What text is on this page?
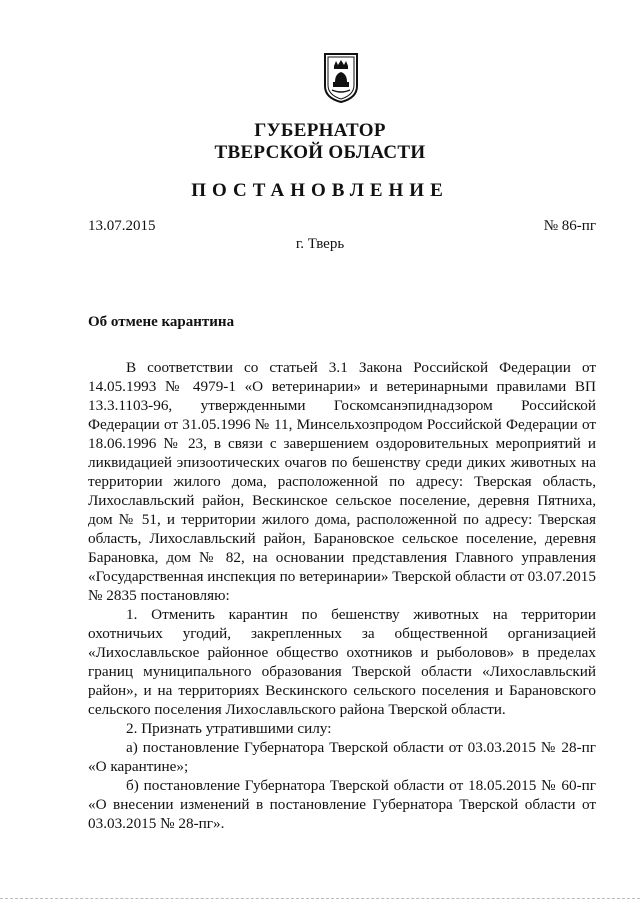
ГУБЕРНАТОР
ТВЕРСКОЙ ОБЛАСТИ
ПОСТАНОВЛЕНИЕ
13.07.2015	№ 86-пг
г. Тверь
Об отмене карантина

В соответствии со статьей 3.1 Закона Российской Федерации от 14.05.1993 № 4979-1 «О ветеринарии» и ветеринарными правилами ВП 13.3.1103-96, утвержденными Госкомсанэпиднадзором Российской Федерации от 31.05.1996 № 11, Минсельхозпродом Российской Федерации от 18.06.1996 № 23, в связи с завершением оздоровительных мероприятий и ликвидацией эпизоотических очагов по бешенству среди диких животных на территории жилого дома, расположенной по адресу: Тверская область, Лихославльский район, Вескинское сельское поселение, деревня Пятниха, дом № 51, и территории жилого дома, расположенной по адресу: Тверская область, Лихославльский район, Барановское сельское поселение, деревня Барановка, дом № 82, на основании представления Главного управления «Государственная инспекция по ветеринарии» Тверской области от 03.07.2015 № 2835 постановляю:

1. Отменить карантин по бешенству животных на территории охотничьих угодий, закрепленных за общественной организацией «Лихославльское районное общество охотников и рыболовов» в пределах границ муниципального образования Тверской области «Лихославльский район», и на территориях Вескинского сельского поселения и Барановского сельского поселения Лихославльского района Тверской области.

2. Признать утратившими силу:

а) постановление Губернатора Тверской области от 03.03.2015 № 28-пг «О карантине»;

б) постановление Губернатора Тверской области от 18.05.2015 № 60-пг «О внесении изменений в постановление Губернатора Тверской области от 03.03.2015 № 28-пг».
